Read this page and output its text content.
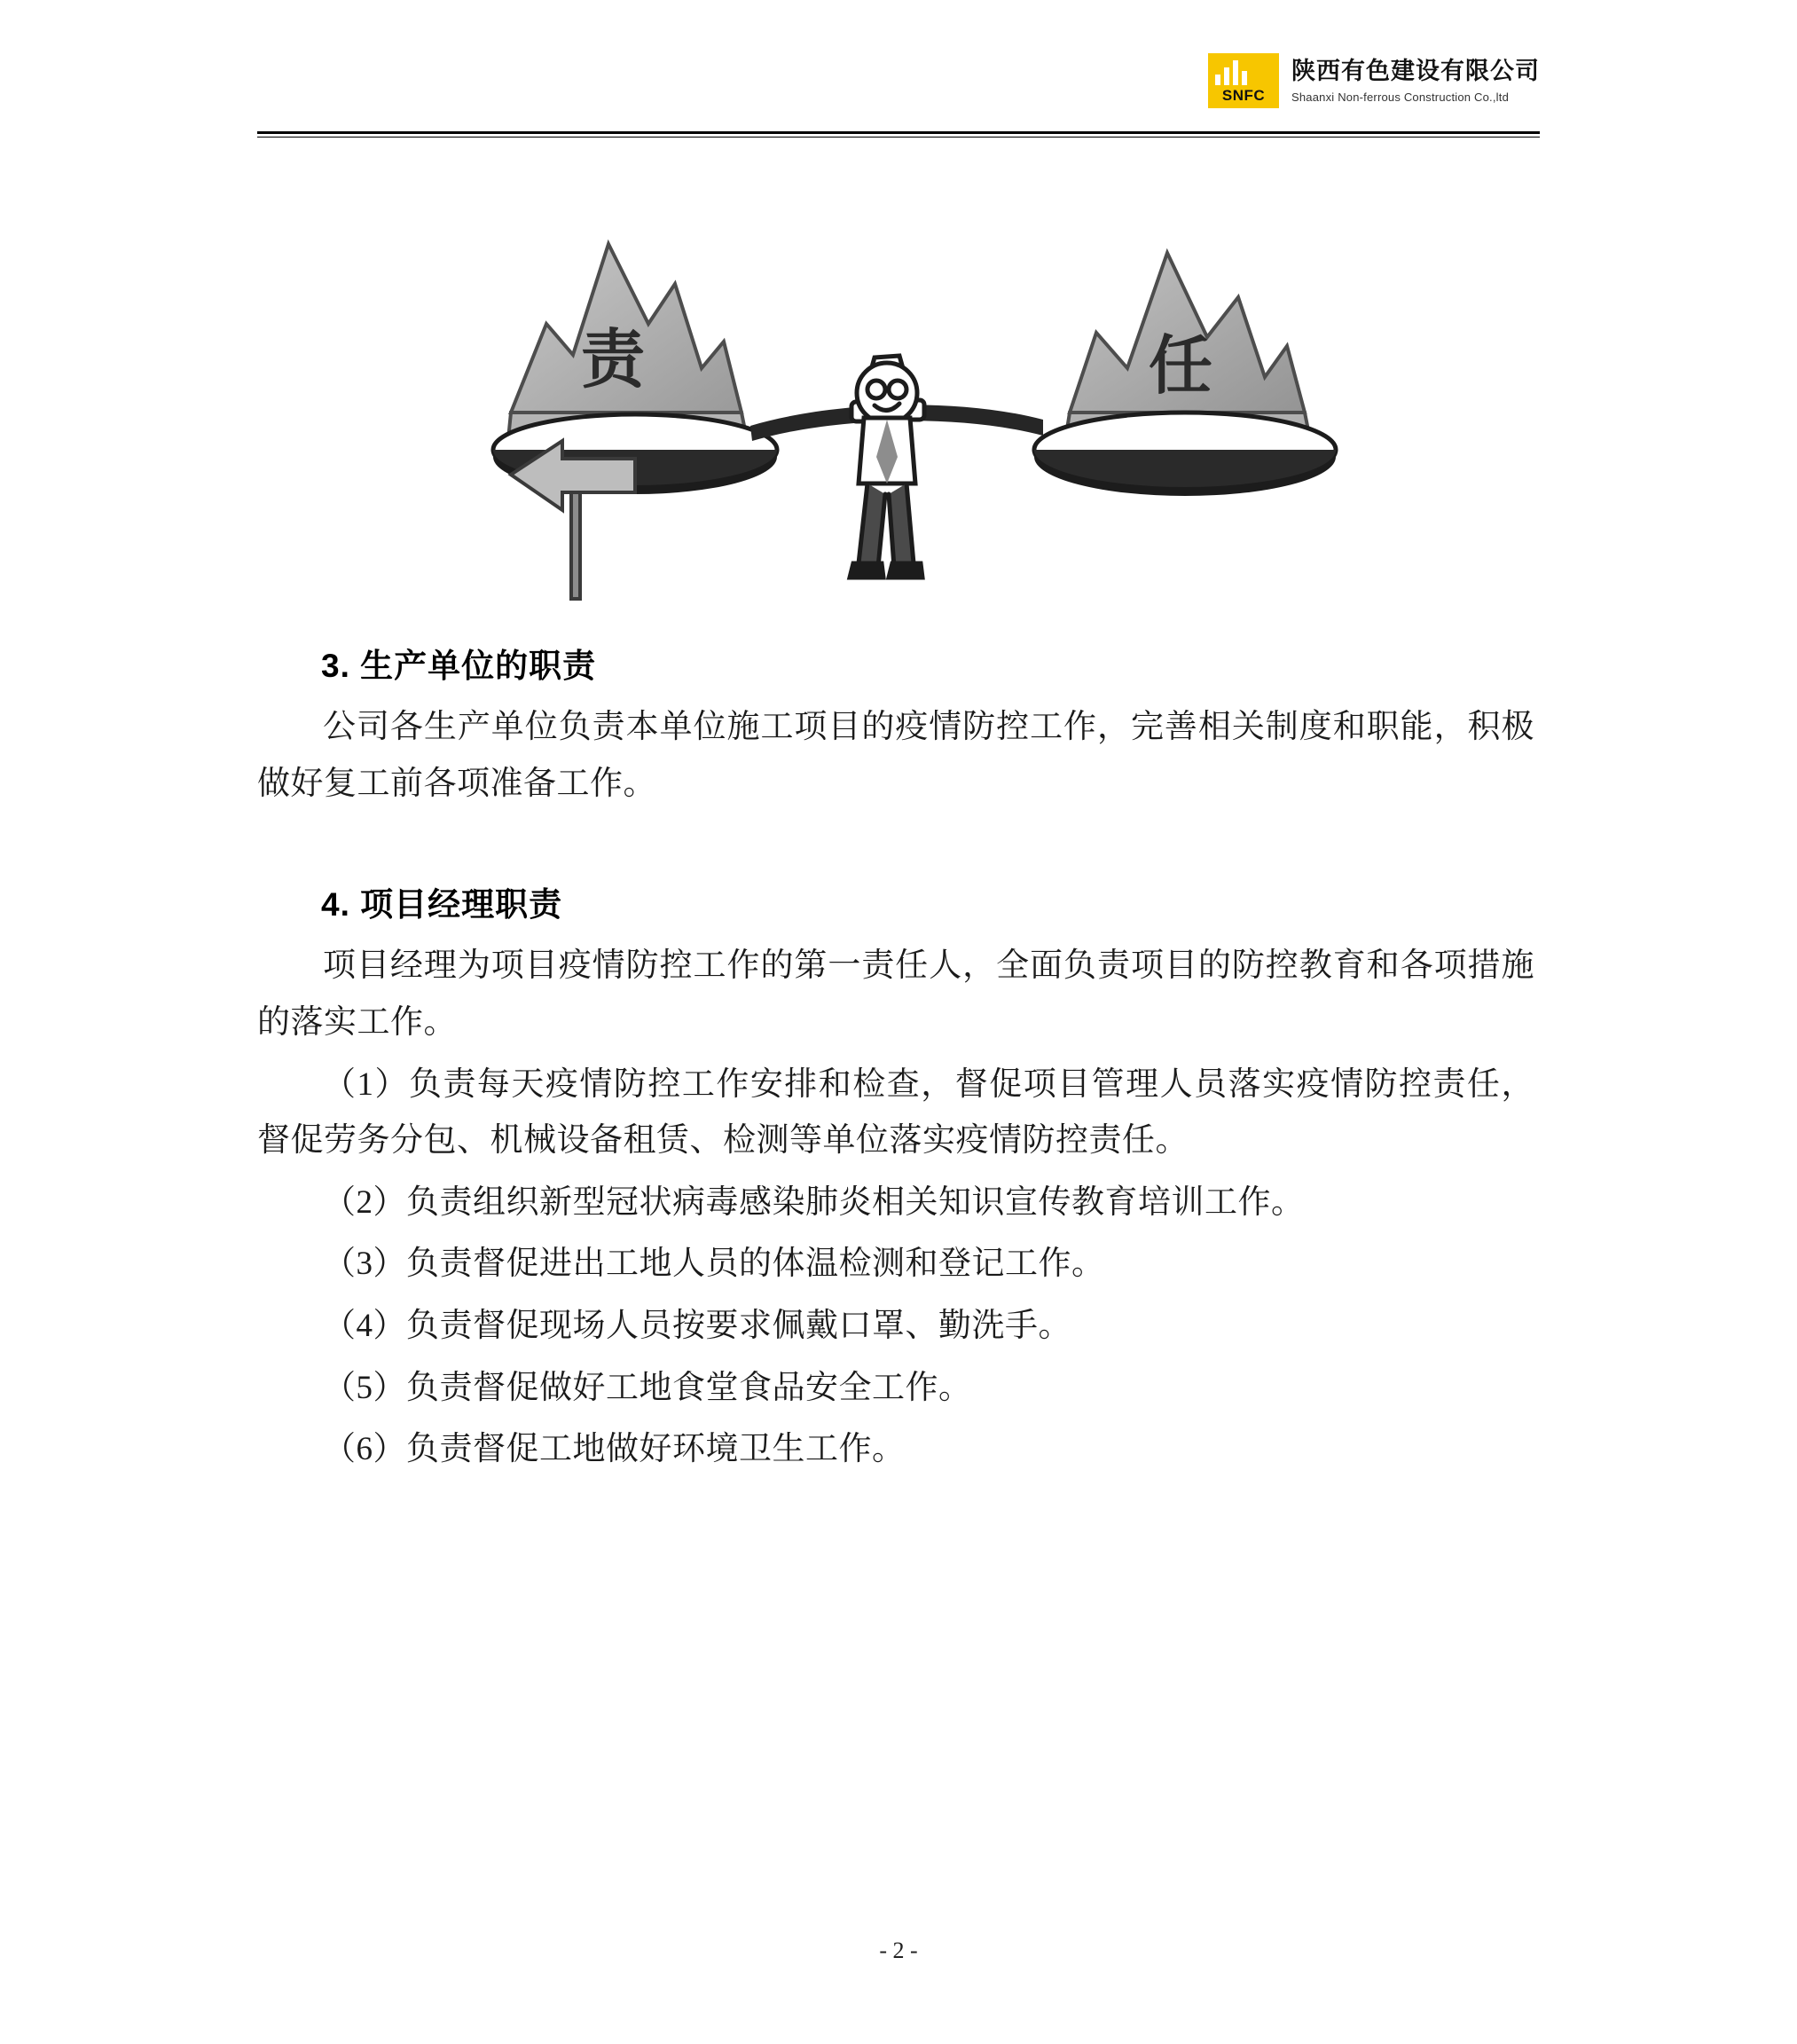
SNFC
陕西有色建设有限公司
Shaanxi Non-ferrous Construction Co.,ltd
责	任
3. 生产单位的职责

公司各生产单位负责本单位施工项目的疫情防控工作，完善相关制度和职能，积极做好复工前各项准备工作。

4. 项目经理职责

项目经理为项目疫情防控工作的第一责任人，全面负责项目的防控教育和各项措施的落实工作。

（1）负责每天疫情防控工作安排和检查，督促项目管理人员落实疫情防控责任，督促劳务分包、机械设备租赁、检测等单位落实疫情防控责任。

（2）负责组织新型冠状病毒感染肺炎相关知识宣传教育培训工作。

（3）负责督促进出工地人员的体温检测和登记工作。

（4）负责督促现场人员按要求佩戴口罩、勤洗手。

（5）负责督促做好工地食堂食品安全工作。

（6）负责督促工地做好环境卫生工作。

- 2 -
